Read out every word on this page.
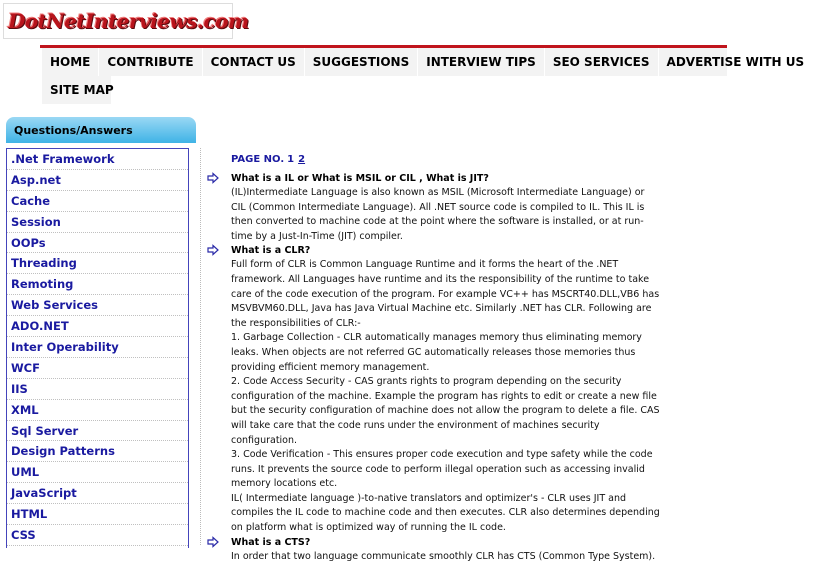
DotNetInterviews.com
HOME	CONTRIBUTE	CONTACT US	SUGGESTIONS	INTERVIEW TIPS	SEO SERVICES	ADVERTISE WITH US
SITE MAP
Questions/Answers
.Net Framework
Asp.net
Cache
Session
OOPs
Threading
Remoting
Web Services
ADO.NET
Inter Operability
WCF
IIS
XML
Sql Server
Design Patterns
UML
JavaScript
HTML
CSS
PAGE NO. 1 2
What is a IL or What is MSIL or CIL , What is JIT?
(IL)Intermediate Language is also known as MSIL (Microsoft Intermediate Language) or CIL (Common Intermediate Language). All .NET source code is compiled to IL. This IL is then converted to machine code at the point where the software is installed, or at run-time by a Just-In-Time (JIT) compiler.
What is a CLR?
Full form of CLR is Common Language Runtime and it forms the heart of the .NET framework. All Languages have runtime and its the responsibility of the runtime to take care of the code execution of the program. For example VC++ has MSCRT40.DLL,VB6 has MSVBVM60.DLL, Java has Java Virtual Machine etc. Similarly .NET has CLR. Following are the responsibilities of CLR:-
1. Garbage Collection - CLR automatically manages memory thus eliminating memory leaks. When objects are not referred GC automatically releases those memories thus providing efficient memory management.
2. Code Access Security - CAS grants rights to program depending on the security configuration of the machine. Example the program has rights to edit or create a new file but the security configuration of machine does not allow the program to delete a file. CAS will take care that the code runs under the environment of machines security configuration.
3. Code Verification - This ensures proper code execution and type safety while the code runs. It prevents the source code to perform illegal operation such as accessing invalid memory locations etc.
IL( Intermediate language )-to-native translators and optimizer's - CLR uses JIT and compiles the IL code to machine code and then executes. CLR also determines depending on platform what is optimized way of running the IL code.
What is a CTS?
In order that two language communicate smoothly CLR has CTS (Common Type System).
